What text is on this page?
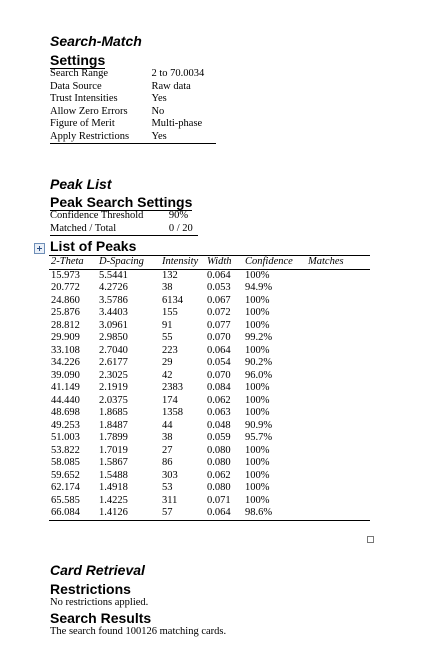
Search-Match
Settings
Search Range	2 to 70.0034
Data Source	Raw data
Trust Intensities	Yes
Allow Zero Errors	No
Figure of Merit	Multi-phase
Apply Restrictions	Yes
Peak List
Peak Search Settings
Confidence Threshold	90%
Matched / Total	0 / 20
List of Peaks
2-Theta	D-Spacing	Intensity	Width	Confidence	Matches
15.973	5.5441	132	0.064	100%	
20.772	4.2726	38	0.053	94.9%	
24.860	3.5786	6134	0.067	100%	
25.876	3.4403	155	0.072	100%	
28.812	3.0961	91	0.077	100%	
29.909	2.9850	55	0.070	99.2%	
33.108	2.7040	223	0.064	100%	
34.226	2.6177	29	0.054	90.2%	
39.090	2.3025	42	0.070	96.0%	
41.149	2.1919	2383	0.084	100%	
44.440	2.0375	174	0.062	100%	
48.698	1.8685	1358	0.063	100%	
49.253	1.8487	44	0.048	90.9%	
51.003	1.7899	38	0.059	95.7%	
53.822	1.7019	27	0.080	100%	
58.085	1.5867	86	0.080	100%	
59.652	1.5488	303	0.062	100%	
62.174	1.4918	53	0.080	100%	
65.585	1.4225	311	0.071	100%	
66.084	1.4126	57	0.064	98.6%	
Card Retrieval
Restrictions
No restrictions applied.
Search Results
The search found 100126 matching cards.
